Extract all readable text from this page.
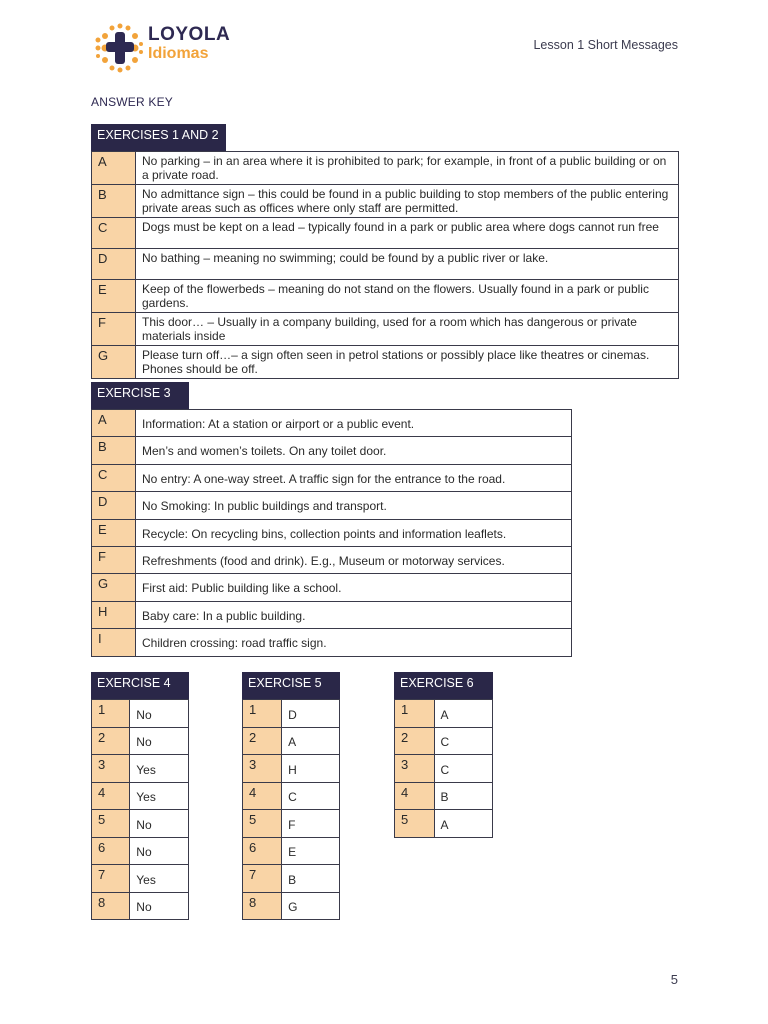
LOYOLA
Idiomas	Lesson 1 Short Messages
ANSWER KEY
EXERCISES 1 AND 2
A	No parking – in an area where it is prohibited to park; for example, in front of a public building or on a private road.
B	No admittance sign – this could be found in a public building to stop members of the public entering private areas such as offices where only staff are permitted.
C	Dogs must be kept on a lead – typically found in a park or public area where dogs cannot run free
D	No bathing – meaning no swimming; could be found by a public river or lake.
E	Keep of the flowerbeds – meaning do not stand on the flowers. Usually found in a park or public gardens.
F	This door… – Usually in a company building, used for a room which has dangerous or private materials inside
G	Please turn off…– a sign often seen in petrol stations or possibly place like theatres or cinemas. Phones should be off.
EXERCISE 3
A	Information: At a station or airport or a public event.
B	Men’s and women’s toilets. On any toilet door.
C	No entry: A one-way street. A traffic sign for the entrance to the road.
D	No Smoking: In public buildings and transport.
E	Recycle: On recycling bins, collection points and information leaflets.
F	Refreshments (food and drink). E.g., Museum or motorway services.
G	First aid: Public building like a school.
H	Baby care: In a public building.
I	Children crossing: road traffic sign.
EXERCISE 4
1	No
2	No
3	Yes
4	Yes
5	No
6	No
7	Yes
8	No
EXERCISE 5
1	D
2	A
3	H
4	C
5	F
6	E
7	B
8	G
EXERCISE 6
1	A
2	C
3	C
4	B
5	A
5
